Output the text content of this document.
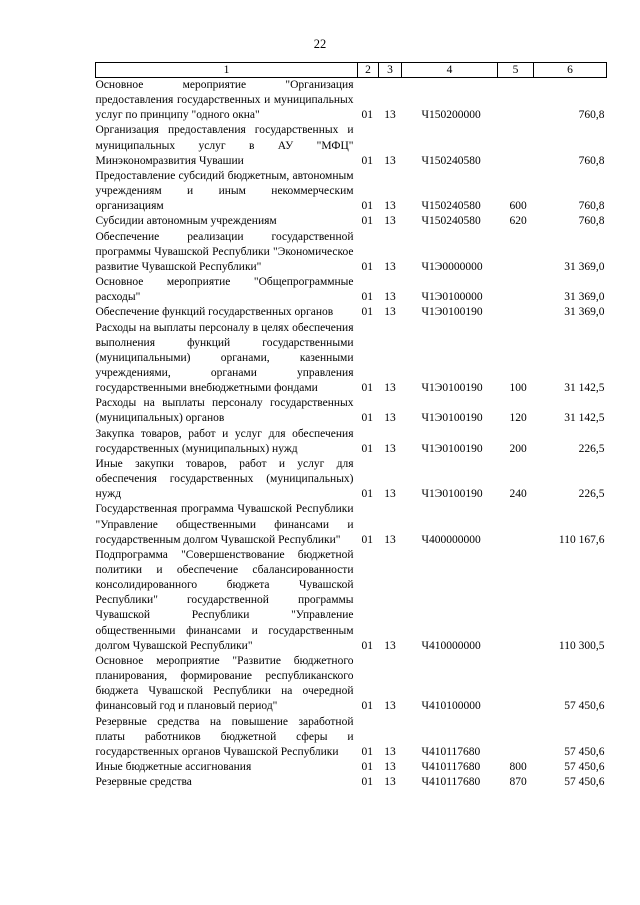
22
1	2	3	4	5	6
Основное мероприятие "Организация предоставления государственных и муниципальных услуг по принципу "одного окна"	01	13	Ч150200000		760,8
Организация предоставления государственных и муниципальных услуг в АУ "МФЦ" Минэкономразвития Чувашии	01	13	Ч150240580		760,8
Предоставление субсидий бюджетным, автономным учреждениям и иным некоммерческим организациям	01	13	Ч150240580	600	760,8
Субсидии автономным учреждениям	01	13	Ч150240580	620	760,8
Обеспечение реализации государственной программы Чувашской Республики "Экономическое развитие Чувашской Республики"	01	13	Ч1Э0000000		31 369,0
Основное мероприятие "Общепрограммные расходы"	01	13	Ч1Э0100000		31 369,0
Обеспечение функций государственных органов	01	13	Ч1Э0100190		31 369,0
Расходы на выплаты персоналу в целях обеспечения выполнения функций государственными (муниципальными) органами, казенными учреждениями, органами управления государственными внебюджетными фондами	01	13	Ч1Э0100190	100	31 142,5
Расходы на выплаты персоналу государственных (муниципальных) органов	01	13	Ч1Э0100190	120	31 142,5
Закупка товаров, работ и услуг для обеспечения государственных (муниципальных) нужд	01	13	Ч1Э0100190	200	226,5
Иные закупки товаров, работ и услуг для обеспечения государственных (муниципальных) нужд	01	13	Ч1Э0100190	240	226,5
Государственная программа Чувашской Республики "Управление общественными финансами и государственным долгом Чувашской Республики"	01	13	Ч400000000		110 167,6
Подпрограмма "Совершенствование бюджетной политики и обеспечение сбалансированности консолидированного бюджета Чувашской Республики" государственной программы Чувашской Республики "Управление общественными финансами и государственным долгом Чувашской Республики"	01	13	Ч410000000		110 300,5
Основное мероприятие "Развитие бюджетного планирования, формирование республиканского бюджета Чувашской Республики на очередной финансовый год и плановый период"	01	13	Ч410100000		57 450,6
Резервные средства на повышение заработной платы работников бюджетной сферы и государственных органов Чувашской Республики	01	13	Ч410117680		57 450,6
Иные бюджетные ассигнования	01	13	Ч410117680	800	57 450,6
Резервные средства	01	13	Ч410117680	870	57 450,6
